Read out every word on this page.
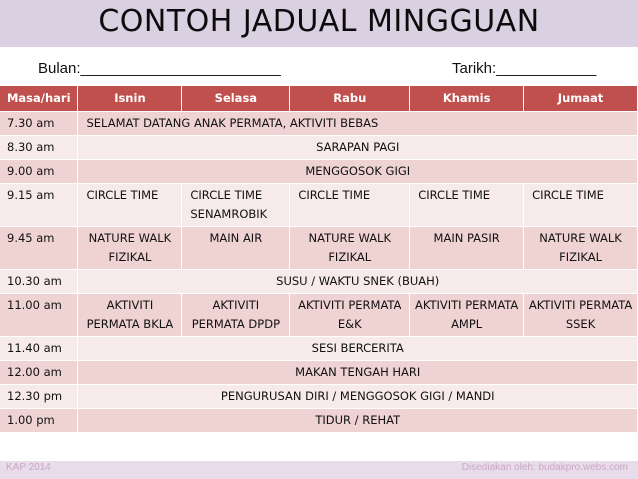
CONTOH JADUAL MINGGUAN
Bulan:________________________	Tarikh:____________
Masa/hari	Isnin	Selasa	Rabu	Khamis	Jumaat
7.30 am	SELAMAT DATANG ANAK PERMATA, AKTIVITI BEBAS				
8.30 am	SARAPAN PAGI				
9.00 am	MENGGOSOK GIGI				
9.15 am	CIRCLE TIME	CIRCLE TIME SENAMROBIK	CIRCLE TIME	CIRCLE TIME	CIRCLE TIME
9.45 am	NATURE WALK FIZIKAL	MAIN AIR	NATURE WALK FIZIKAL	MAIN PASIR	NATURE WALK FIZIKAL
10.30 am	SUSU / WAKTU SNEK (BUAH)				
11.00 am	AKTIVITI PERMATA BKLA	AKTIVITI PERMATA DPDP	AKTIVITI PERMATA E&K	AKTIVITI PERMATA AMPL	AKTIVITI PERMATA SSEK
11.40 am	SESI BERCERITA				
12.00 am	MAKAN TENGAH HARI				
12.30 pm	PENGURUSAN DIRI / MENGGOSOK GIGI / MANDI				
1.00 pm	TIDUR / REHAT				
KAP 2014	Disediakan oleh: budakpro.webs.com
